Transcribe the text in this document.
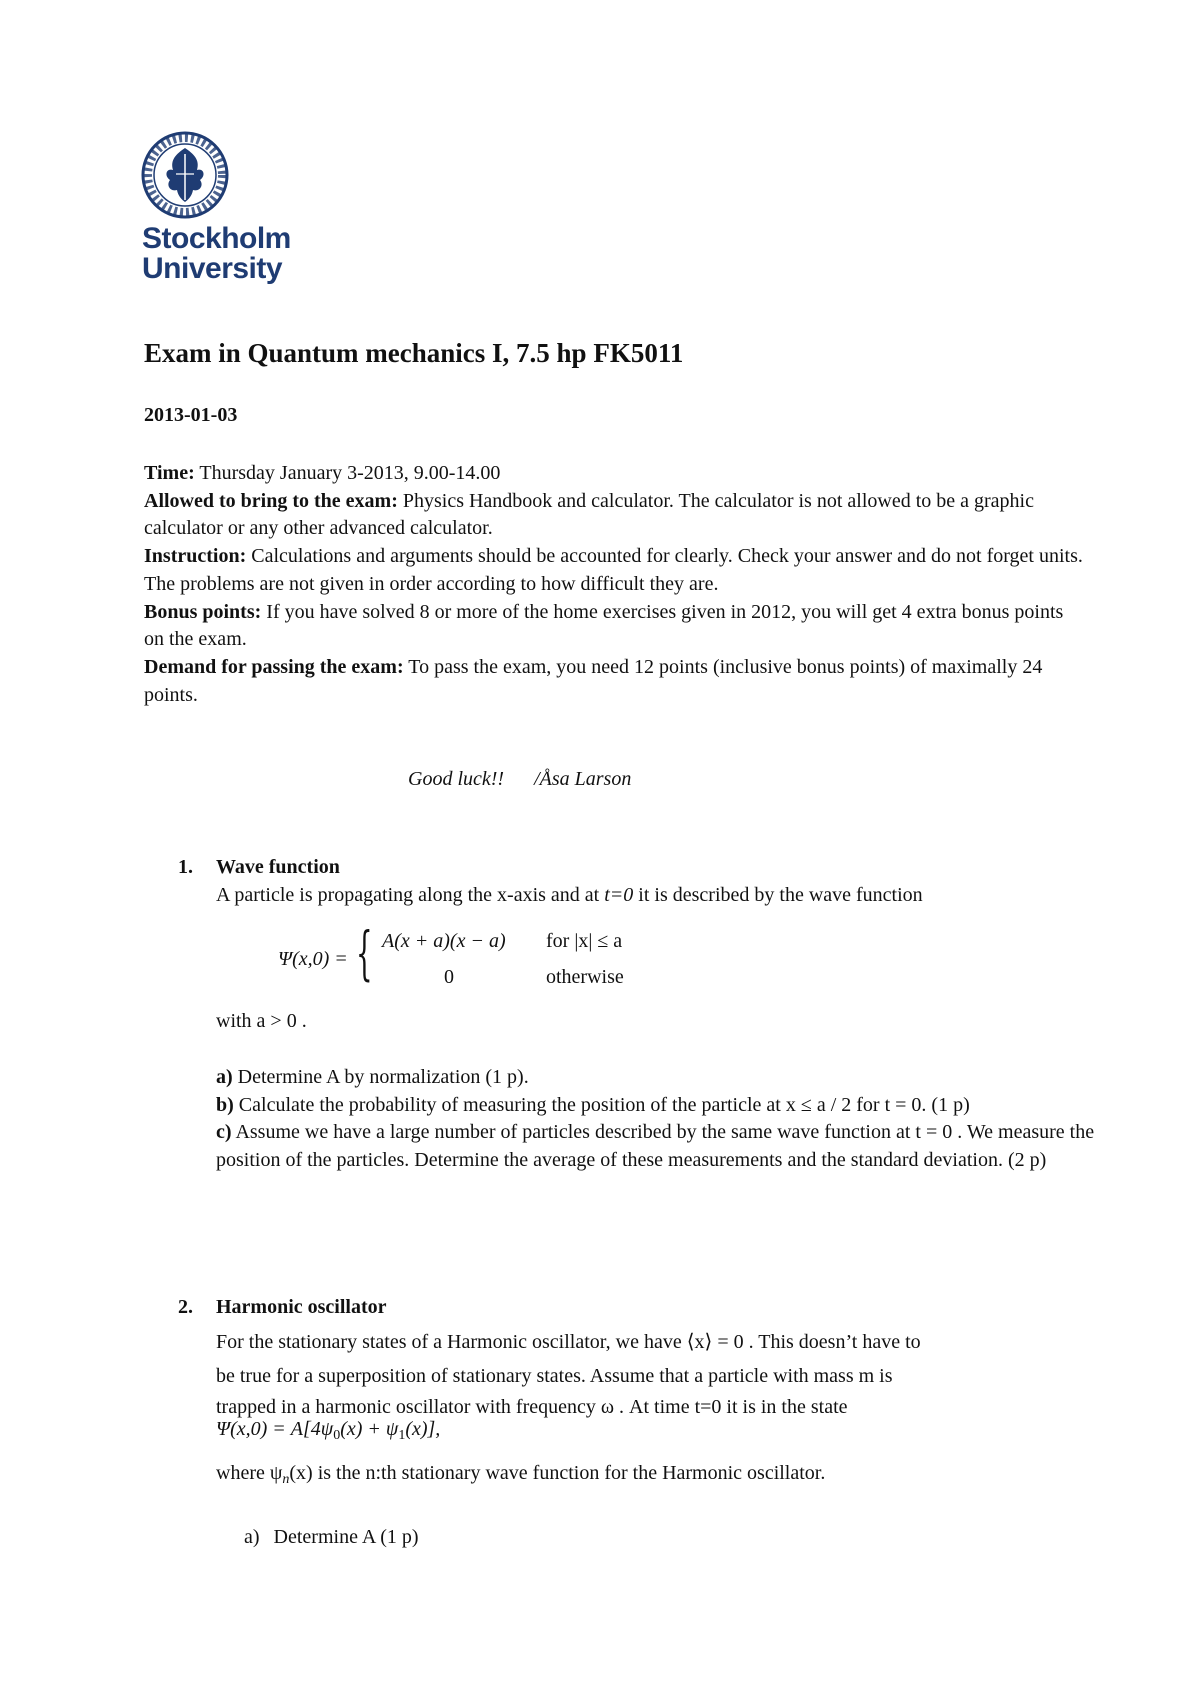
Stockholm
University
Exam in Quantum mechanics I, 7.5 hp FK5011
2013-01-03
Time: Thursday January 3-2013, 9.00-14.00
Allowed to bring to the exam: Physics Handbook and calculator. The calculator is not allowed to be a graphic calculator or any other advanced calculator.
Instruction: Calculations and arguments should be accounted for clearly. Check your answer and do not forget units. The problems are not given in order according to how difficult they are.
Bonus points: If you have solved 8 or more of the home exercises given in 2012, you will get 4 extra bonus points on the exam.
Demand for passing the exam: To pass the exam, you need 12 points (inclusive bonus points) of maximally 24 points.
Good luck!! /Åsa Larson
1. Wave function
A particle is propagating along the x-axis and at t=0 it is described by the wave function
Ψ(x,0) = { A(x + a)(x − a) for |x| ≤ a
0	otherwise
with a > 0 .
a) Determine A by normalization (1 p).
b) Calculate the probability of measuring the position of the particle at x ≤ a / 2 for t = 0. (1 p)
c) Assume we have a large number of particles described by the same wave function at t = 0 . We measure the position of the particles. Determine the average of these measurements and the standard deviation. (2 p)
2. Harmonic oscillator
For the stationary states of a Harmonic oscillator, we have ⟨x⟩ = 0 . This doesn’t have to
be true for a superposition of stationary states. Assume that a particle with mass m is
trapped in a harmonic oscillator with frequency ω . At time t=0 it is in the state
$\Psi(x,0) = A[4\psi_0(x) + \psi_1(x)]$,
where $\psi_n(x)$ is the n:th stationary wave function for the Harmonic oscillator.
a) Determine A (1 p)
